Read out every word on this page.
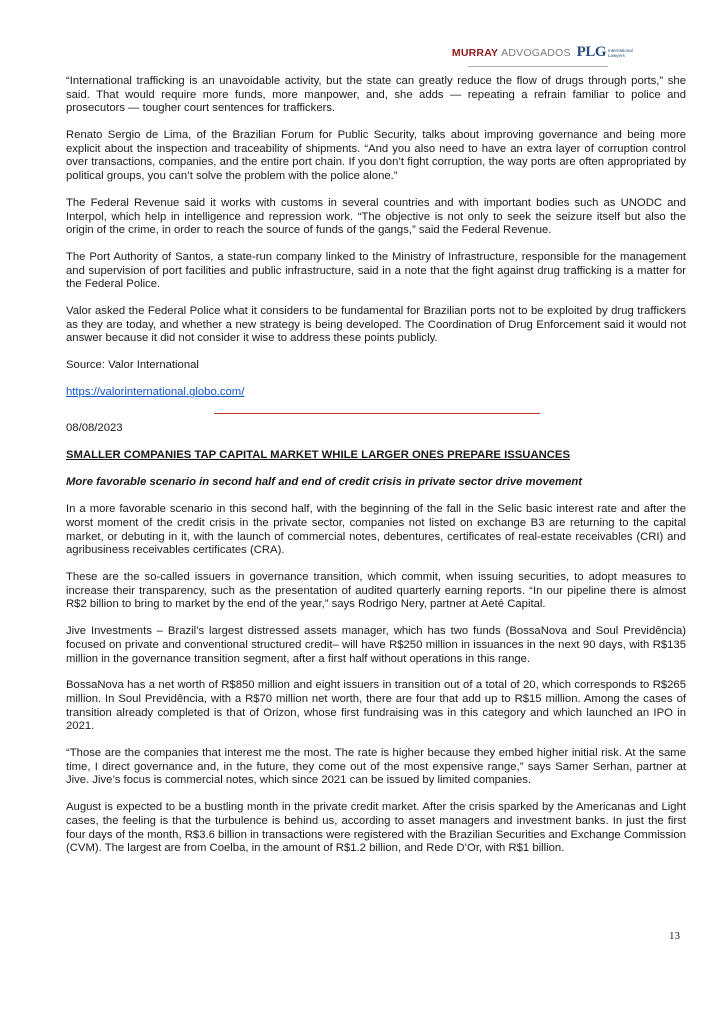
MURRAY ADVOGADOS PLG International Lawyers

“International trafficking is an unavoidable activity, but the state can greatly reduce the flow of drugs through ports,” she said. That would require more funds, more manpower, and, she adds — repeating a refrain familiar to police and prosecutors — tougher court sentences for traffickers.

Renato Sergio de Lima, of the Brazilian Forum for Public Security, talks about improving governance and being more explicit about the inspection and traceability of shipments. “And you also need to have an extra layer of corruption control over transactions, companies, and the entire port chain. If you don’t fight corruption, the way ports are often appropriated by political groups, you can’t solve the problem with the police alone.”

The Federal Revenue said it works with customs in several countries and with important bodies such as UNODC and Interpol, which help in intelligence and repression work. “The objective is not only to seek the seizure itself but also the origin of the crime, in order to reach the source of funds of the gangs,” said the Federal Revenue.

The Port Authority of Santos, a state-run company linked to the Ministry of Infrastructure, responsible for the management and supervision of port facilities and public infrastructure, said in a note that the fight against drug trafficking is a matter for the Federal Police.

Valor asked the Federal Police what it considers to be fundamental for Brazilian ports not to be exploited by drug traffickers as they are today, and whether a new strategy is being developed. The Coordination of Drug Enforcement said it would not answer because it did not consider it wise to address these points publicly.

Source: Valor International

https://valorinternational.globo.com/

08/08/2023

SMALLER COMPANIES TAP CAPITAL MARKET WHILE LARGER ONES PREPARE ISSUANCES

More favorable scenario in second half and end of credit crisis in private sector drive movement

In a more favorable scenario in this second half, with the beginning of the fall in the Selic basic interest rate and after the worst moment of the credit crisis in the private sector, companies not listed on exchange B3 are returning to the capital market, or debuting in it, with the launch of commercial notes, debentures, certificates of real-estate receivables (CRI) and agribusiness receivables certificates (CRA).

These are the so-called issuers in governance transition, which commit, when issuing securities, to adopt measures to increase their transparency, such as the presentation of audited quarterly earning reports. “In our pipeline there is almost R$2 billion to bring to market by the end of the year,” says Rodrigo Nery, partner at Aeté Capital.

Jive Investments – Brazil’s largest distressed assets manager, which has two funds (BossaNova and Soul Previdência) focused on private and conventional structured credit– will have R$250 million in issuances in the next 90 days, with R$135 million in the governance transition segment, after a first half without operations in this range.

BossaNova has a net worth of R$850 million and eight issuers in transition out of a total of 20, which corresponds to R$265 million. In Soul Previdência, with a R$70 million net worth, there are four that add up to R$15 million. Among the cases of transition already completed is that of Orizon, whose first fundraising was in this category and which launched an IPO in 2021.

“Those are the companies that interest me the most. The rate is higher because they embed higher initial risk. At the same time, I direct governance and, in the future, they come out of the most expensive range,” says Samer Serhan, partner at Jive. Jive’s focus is commercial notes, which since 2021 can be issued by limited companies.

August is expected to be a bustling month in the private credit market. After the crisis sparked by the Americanas and Light cases, the feeling is that the turbulence is behind us, according to asset managers and investment banks. In just the first four days of the month, R$3.6 billion in transactions were registered with the Brazilian Securities and Exchange Commission (CVM). The largest are from Coelba, in the amount of R$1.2 billion, and Rede D’Or, with R$1 billion.

13
